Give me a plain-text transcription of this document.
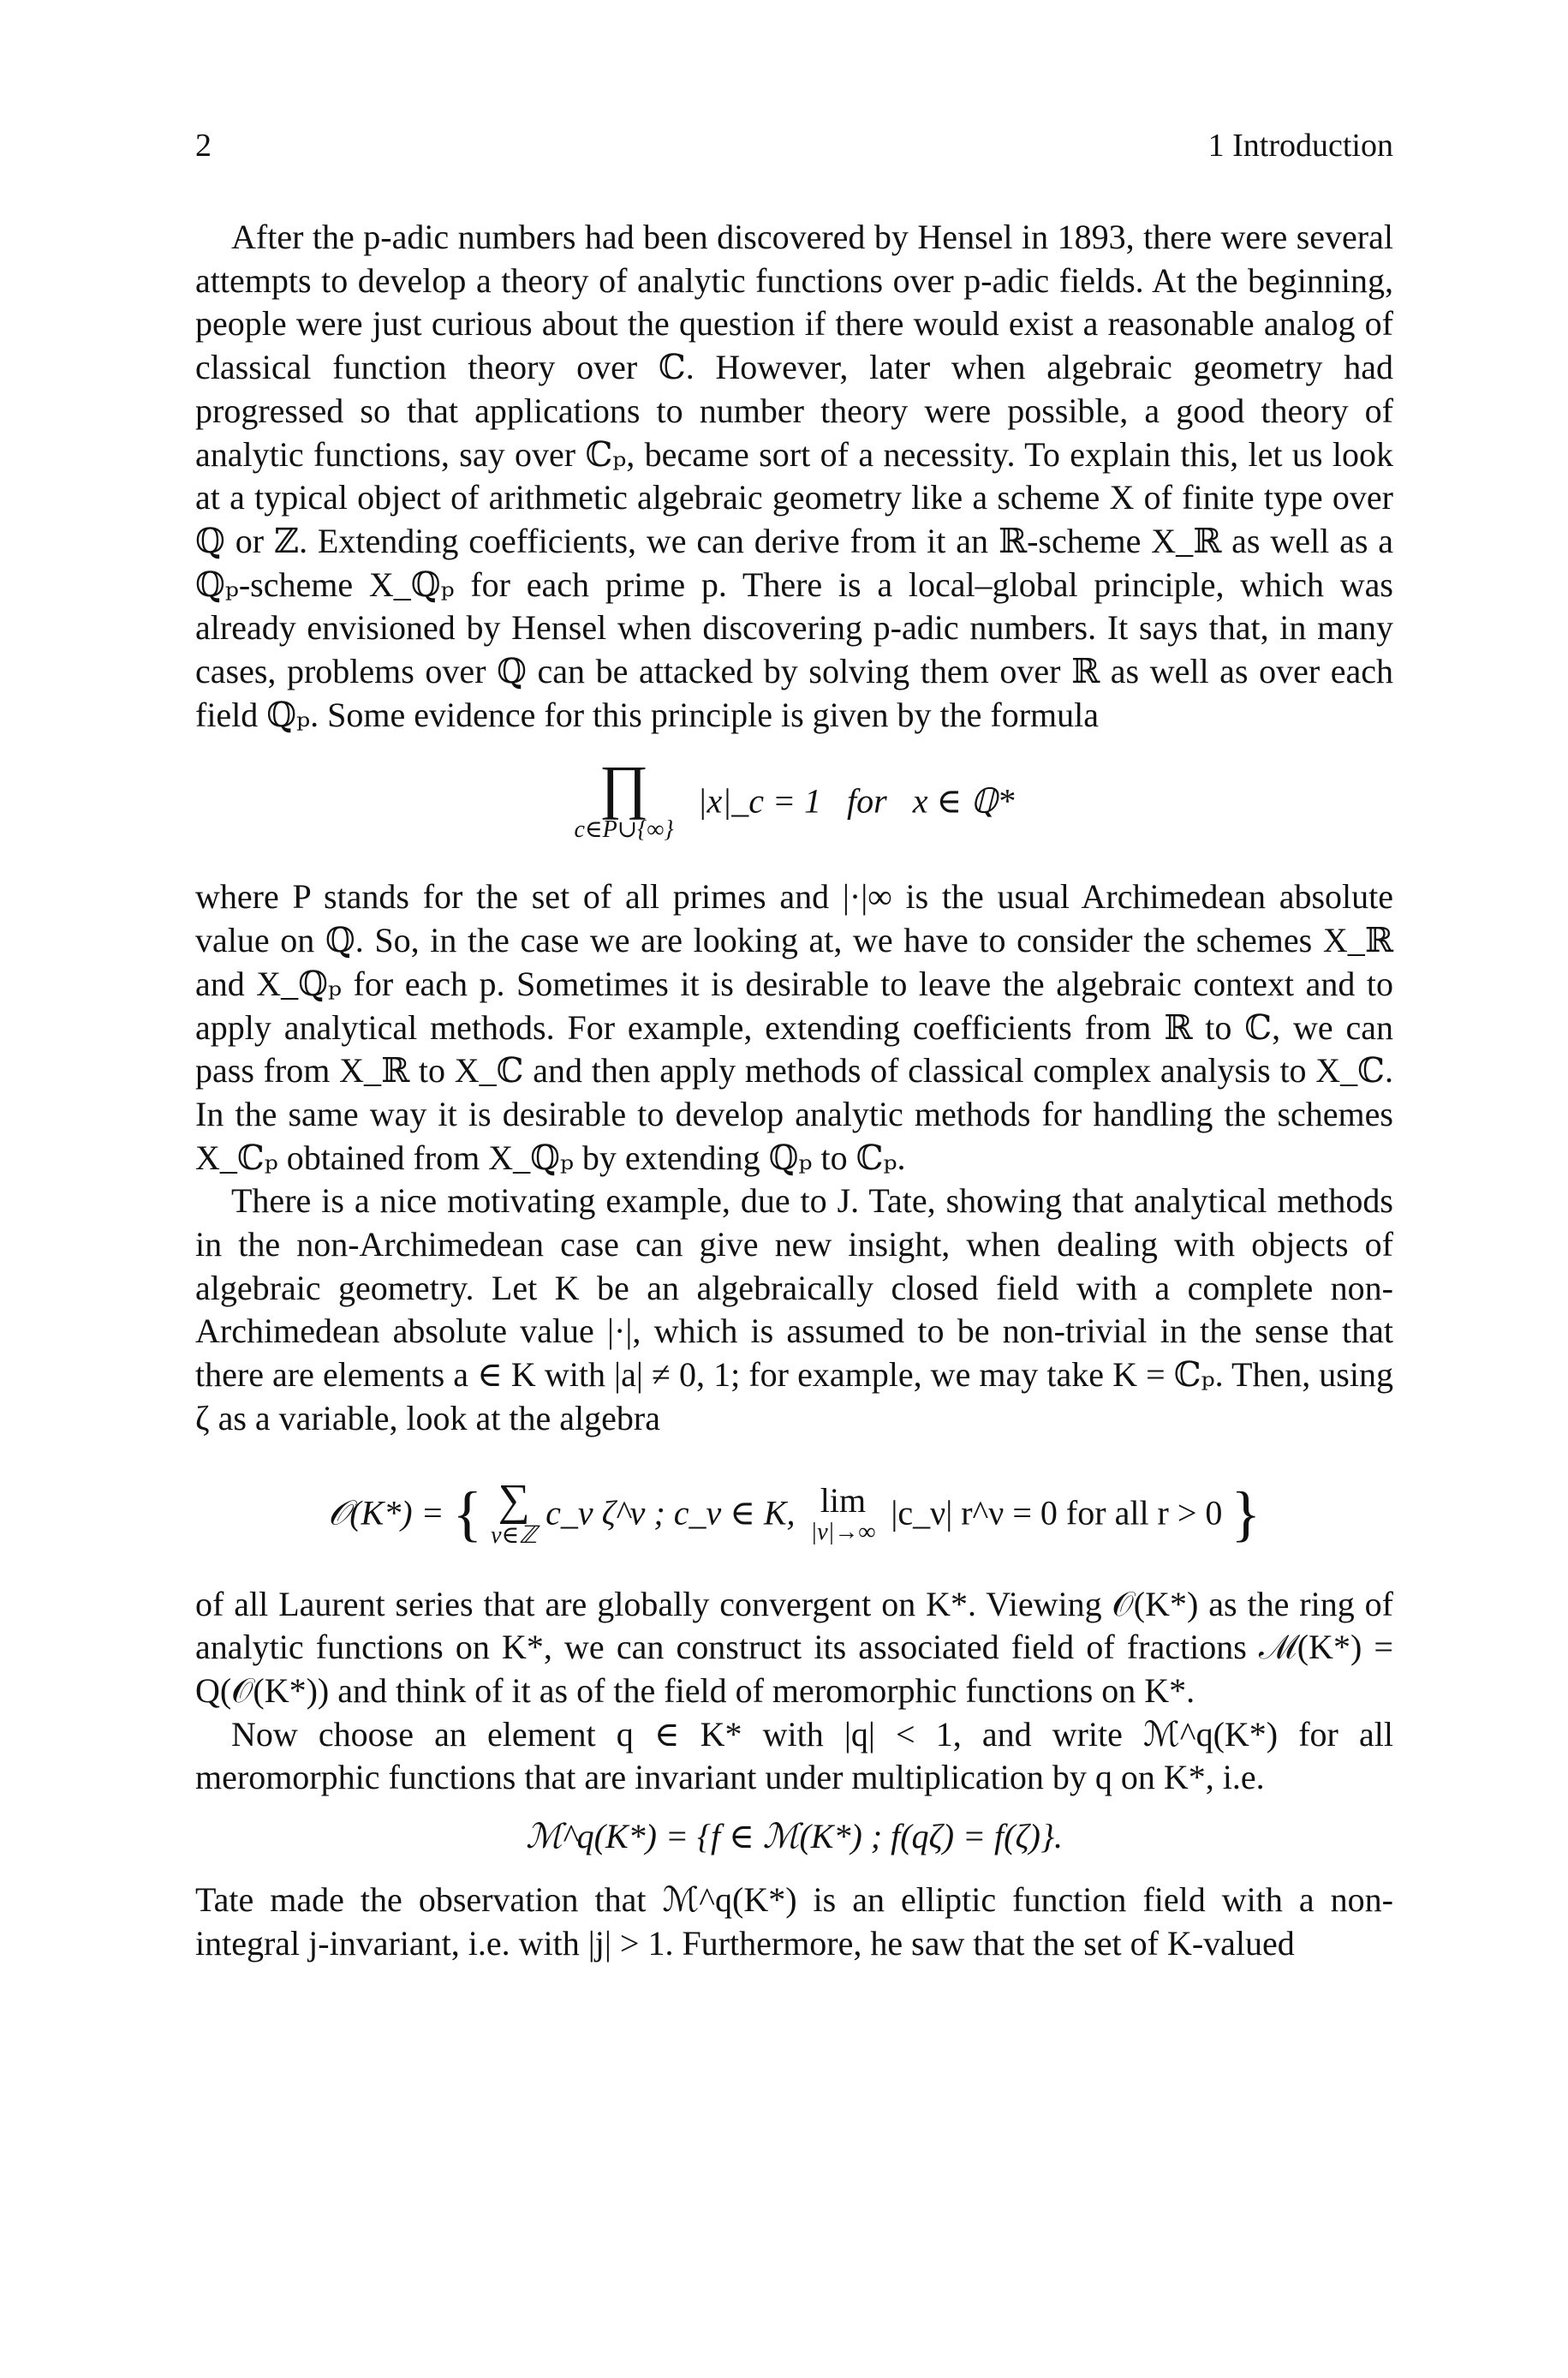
2	1 Introduction

After the p-adic numbers had been discovered by Hensel in 1893, there were several attempts to develop a theory of analytic functions over p-adic fields. At the beginning, people were just curious about the question if there would exist a reasonable analog of classical function theory over ℂ. However, later when algebraic geometry had progressed so that applications to number theory were possible, a good theory of analytic functions, say over ℂₚ, became sort of a necessity. To explain this, let us look at a typical object of arithmetic algebraic geometry like a scheme X of finite type over ℚ or ℤ. Extending coefficients, we can derive from it an ℝ-scheme X_ℝ as well as a ℚₚ-scheme X_ℚₚ for each prime p. There is a local–global principle, which was already envisioned by Hensel when discovering p-adic numbers. It says that, in many cases, problems over ℚ can be attacked by solving them over ℝ as well as over each field ℚₚ. Some evidence for this principle is given by the formula

∏
c∈P∪{∞}
|x|_c = 1   for   x ∈ ℚ*

where P stands for the set of all primes and |·|∞ is the usual Archimedean absolute value on ℚ. So, in the case we are looking at, we have to consider the schemes X_ℝ and X_ℚₚ for each p. Sometimes it is desirable to leave the algebraic context and to apply analytical methods. For example, extending coefficients from ℝ to ℂ, we can pass from X_ℝ to X_ℂ and then apply methods of classical complex analysis to X_ℂ. In the same way it is desirable to develop analytic methods for handling the schemes X_ℂₚ obtained from X_ℚₚ by extending ℚₚ to ℂₚ.

There is a nice motivating example, due to J. Tate, showing that analytical methods in the non-Archimedean case can give new insight, when dealing with objects of algebraic geometry. Let K be an algebraically closed field with a complete non-Archimedean absolute value |·|, which is assumed to be non-trivial in the sense that there are elements a ∈ K with |a| ≠ 0, 1; for example, we may take K = ℂₚ. Then, using ζ as a variable, look at the algebra

𝒪(K*) = { ∑
ν∈ℤ
c_ν ζ^ν ; c_ν ∈ K, lim
|ν|→∞ |c_ν| r^ν = 0 for all r > 0 }

of all Laurent series that are globally convergent on K*. Viewing 𝒪(K*) as the ring of analytic functions on K*, we can construct its associated field of fractions ℳ(K*) = Q(𝒪(K*)) and think of it as of the field of meromorphic functions on K*.

Now choose an element q ∈ K* with |q| < 1, and write ℳ^q(K*) for all meromorphic functions that are invariant under multiplication by q on K*, i.e.

ℳ^q(K*) = {f ∈ ℳ(K*) ; f(qζ) = f(ζ)}.

Tate made the observation that ℳ^q(K*) is an elliptic function field with a non-integral j-invariant, i.e. with |j| > 1. Furthermore, he saw that the set of K-valued
